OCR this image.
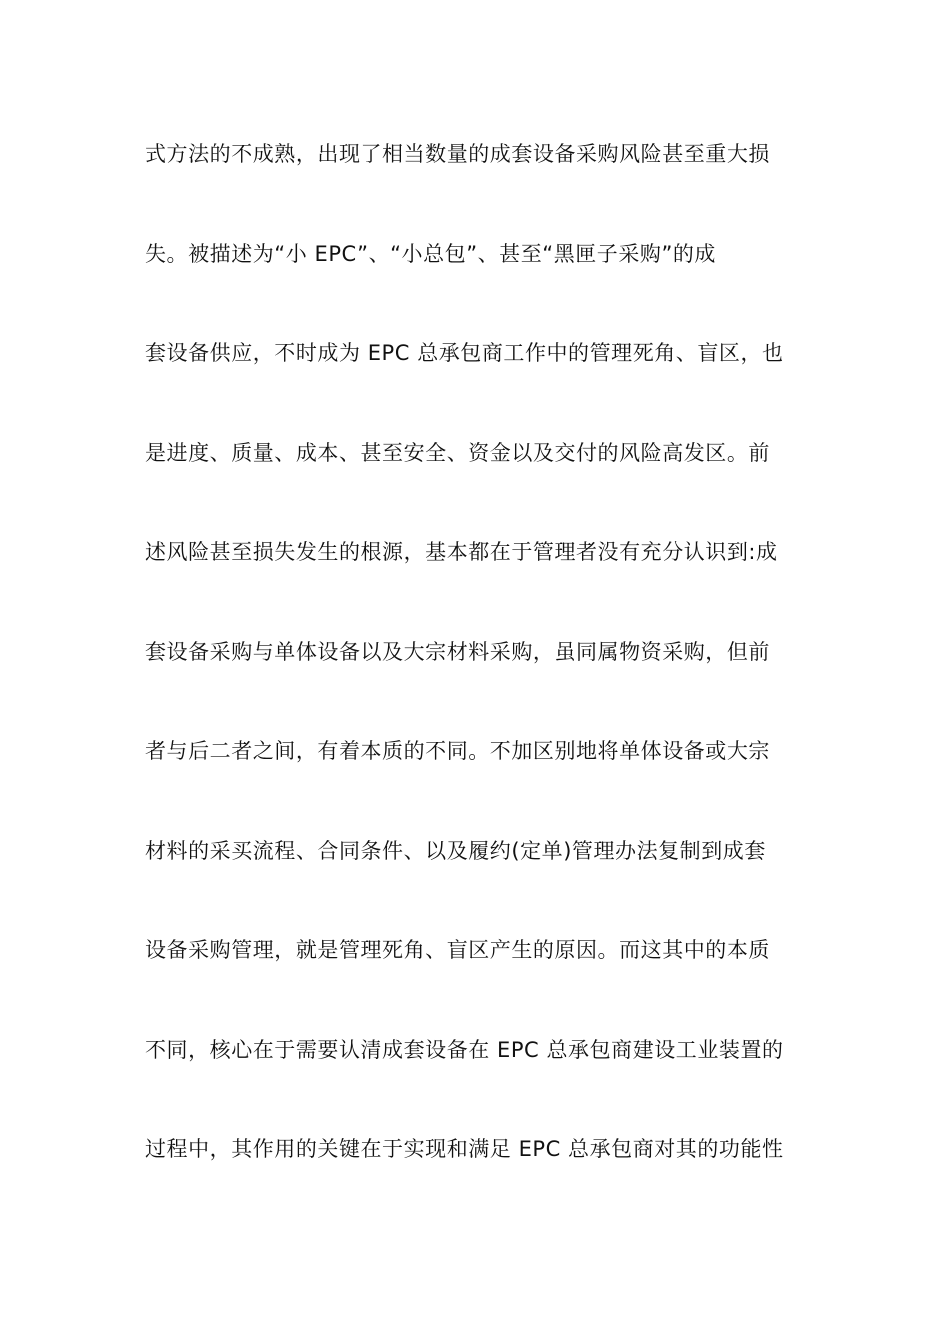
式方法的不成熟，出现了相当数量的成套设备采购风险甚至重大损
失。被描述为“小 EPC”、“小总包”、甚至“黑匣子采购”的成
套设备供应，不时成为 EPC 总承包商工作中的管理死角、盲区，也
是进度、质量、成本、甚至安全、资金以及交付的风险高发区。前
述风险甚至损失发生的根源，基本都在于管理者没有充分认识到:成
套设备采购与单体设备以及大宗材料采购，虽同属物资采购，但前
者与后二者之间，有着本质的不同。不加区别地将单体设备或大宗
材料的采买流程、合同条件、以及履约(定单)管理办法复制到成套
设备采购管理，就是管理死角、盲区产生的原因。而这其中的本质
不同，核心在于需要认清成套设备在 EPC 总承包商建设工业装置的
过程中，其作用的关键在于实现和满足 EPC 总承包商对其的功能性
